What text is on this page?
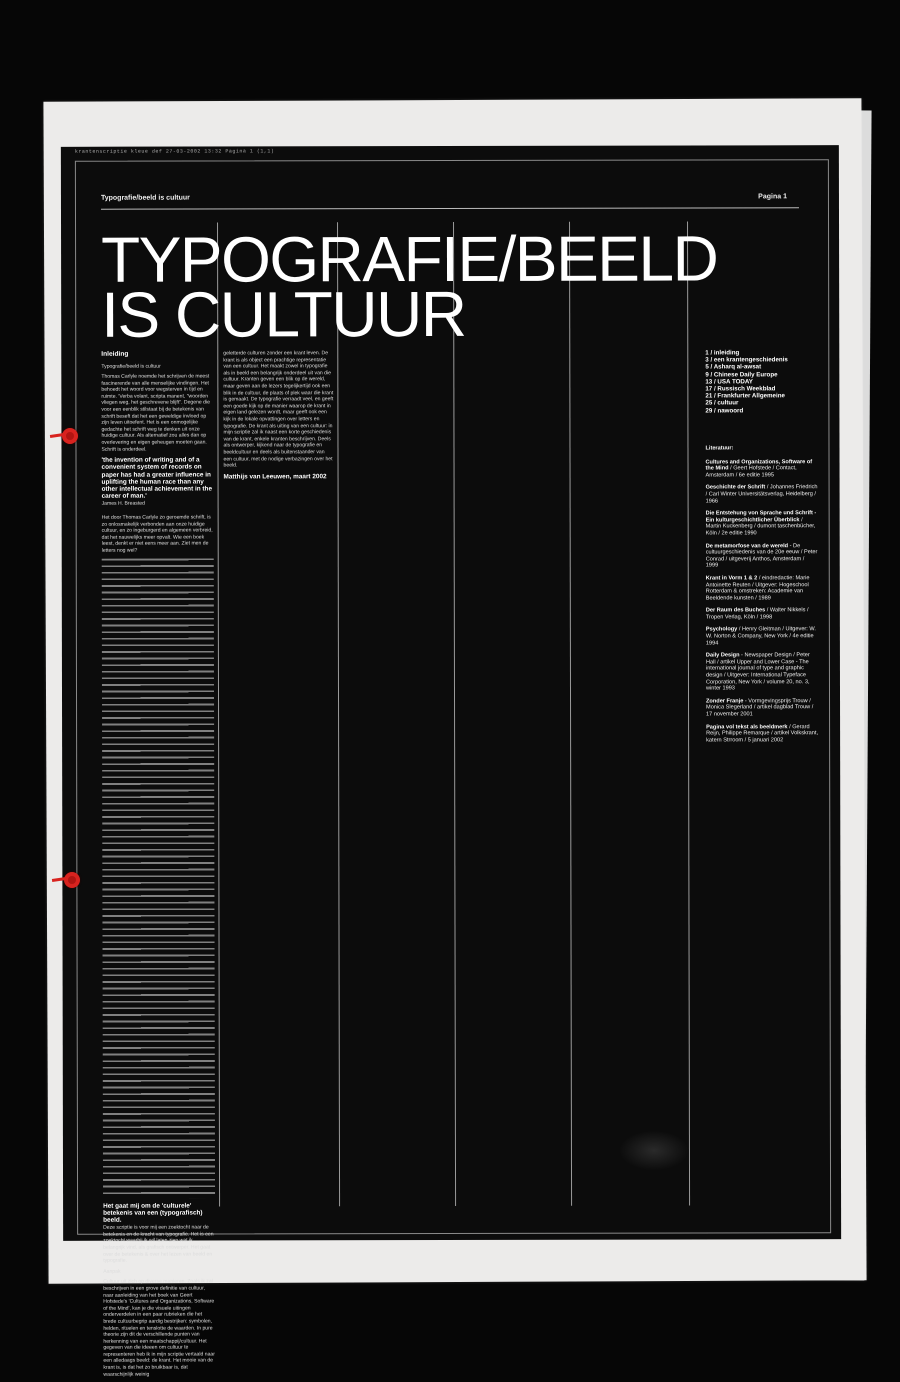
krantenscriptie kleue def 27-03-2002 13:32 Pagina 1 (1,1)
Typografie/beeld is cultuur	Pagina 1
TYPOGRAFIE/BEELD
IS CULTUUR

Inleiding

Typografie/beeld is cultuur

Thomas Carlyle noemde het schrijven de meest fascinerende van alle menselijke vindingen. Het behoedt het woord voor wegsterven in tijd en ruimte. 'Verba volant, scripta manent, "woorden vliegen weg, het geschrevene blijft". Degene die voor een eenblik stilstaat bij de betekenis van schrift beseft dat het een geweldige invloed op zijn leven uitoefent. Het is een onmogelijke gedachte het schrift weg te denken uit onze huidige cultuur. Als alternatief zou alles dan op overlevering en eigen geheugen moeten gaan. Schrift is onderdeel.

'the invention of writing and of a convenient system of records on paper has had a greater influence in uplifting the human race than any other intellectual achievement in the career of man.'

James H. Breasted

Het door Thomas Carlyle zo geroemde schrift, is zo onlosmakelijk verbonden aan onze huidige cultuur, en zo ingeburgerd en algemeen verbreid, dat het nauwelijks meer opvalt. Wie een boek leest, denkt er niet eens meer aan. Ziet men de letters nog wel?

Het gaat mij om de 'culturele' betekenis van een (typografisch) beeld.

Deze scriptie is voor mij een zoektocht naar de betekenis en de kracht van typografie. Het is een zoektocht waarbij ik wil laten zien wat ik belangrijk vind, als grafisch ontwerper. Het gaat over de betekenis & over het lezen van beeld en typografie.

Aanpak

Cultuur uit zich op diverse manieren. Zoals ik zal beschrijven in een grove definitie van cultuur, naar aanleiding van het boek van Geert Hofstede's 'Cultures and Organizations, Software of the Mind', kan je die visuele uitingen onderverdelen in een paar rubrieken die het brede cultuurbegrip aardig bestrijken: symbolen, helden, rituelen en tenslotte de waarden. In pure theorie zijn dit de verschillende punten van herkenning van een maatschappij/cultuur. Het gegeven van die ideeen om cultuur te representeren heb ik in mijn scriptie vertaald naar een alledaags beeld: de krant. Het mooie van de krant is, is dat het zo bruikbaar is, dat waarschijnlijk weinig

geletterde culturen zonder een krant leven. De krant is als object een prachtige representatie van een cultuur. Het maakt zowel in typografie als in beeld een belangrijk onderdeel uit van die cultuur. Kranten geven een blik op de wereld, maar geven aan de lezers tegelijkertijd ook een blik in de cultuur, de plaats of plek waar die krant is gemaakt. De typografie verraadt veel, en geeft een goede kijk op de manier waarop de krant in eigen land gelezen wordt, maar geeft ook een kijk in de lokale opvattingen over letters en typografie. De krant als uiting van een cultuur: in mijn scriptie zal ik naast een korte geschiedenis van de krant, enkele kranten beschrijven. Deels als ontwerper, kijkend naar de typografie en beeldcultuur en deels als buitenstaander van een cultuur, met de nodige verbazingen over het beeld.

Matthijs van Leeuwen, maart 2002

1 / inleiding
3 / een krantengeschiedenis
5 / Asharq al-awsat
9 / Chinese Daily Europe
13 / USA TODAY
17 / Russisch Weekblad
21 / Frankfurter Allgemeine
25 / cultuur
29 / nawoord
Literatuur:

Cultures and Organizations, Software of the Mind / Geert Hofstede / Contact, Amsterdam / 6e editie 1995

Geschichte der Schrift / Johannes Friedrich / Carl Winter Universitätsverlag, Heidelberg / 1966

Die Entstehung von Sprache und Schrift - Ein kulturgeschichtlicher Überblick / Martin Kuckenberg / dumont taschenbücher, Köln / 2e editie 1990

De metamorfose van de wereld - De cultuurgeschiedenis van de 20e eeuw / Peter Conrad / uitgeverij Anthos, Amsterdam / 1999

Krant in Vorm 1 & 2 / eindredactie: Marie Antoinette Reuten / Uitgever: Hogeschool Rotterdam & omstreken: Academie van Beeldende kunsten / 1989

Der Raum des Buches / Walter Nikkels / Tropen Verlag, Köln / 1998

Psychology / Henry Gleitman / Uitgever: W. W. Norton & Company, New York / 4e editie 1994

Daily Design - Newspaper Design / Peter Hall / artikel Upper and Lower Case - The international journal of type and graphic design / Uitgever: International Typeface Corporation, New York / volume 20, no. 3, winter 1993

Zonder Franje - Vormgevingsprijs Trouw / Monica Slegerland / artikel dagblad Trouw / 17 november 2001

Pagina vol tekst als beeldmerk / Gerard Reijn, Philippe Remarque / artikel Volkskrant, katern Strroom / 5 januari 2002
